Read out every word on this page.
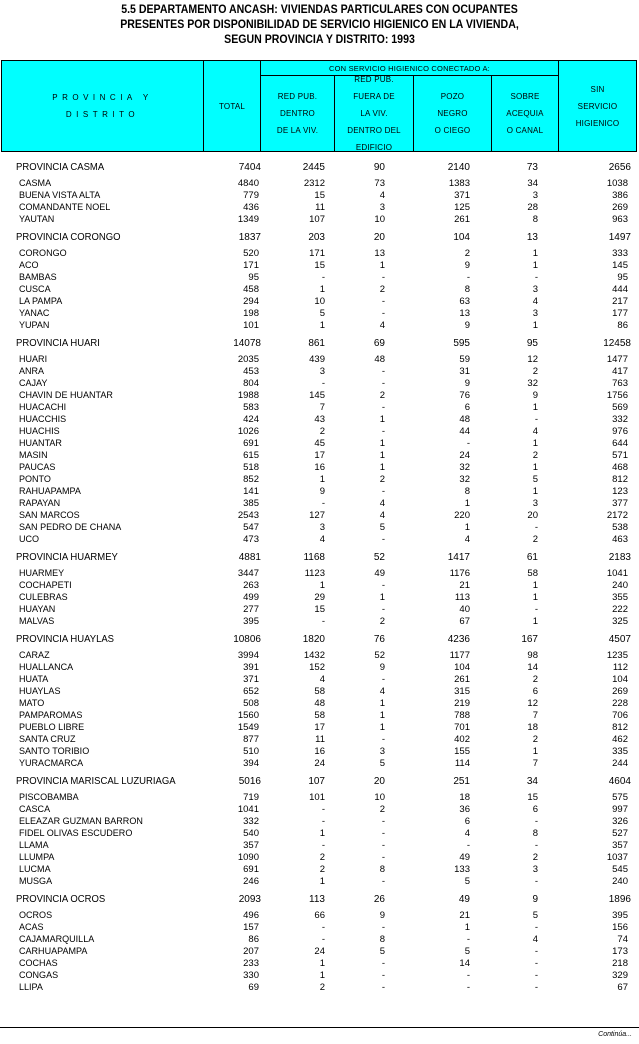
5.5 DEPARTAMENTO ANCASH: VIVIENDAS PARTICULARES CON OCUPANTES
PRESENTES POR DISPONIBILIDAD DE SERVICIO HIGIENICO EN LA VIVIENDA,
SEGUN PROVINCIA Y DISTRITO: 1993
PROVINCIA Y
DISTRITO
TOTAL
CON SERVICIO HIGIENICO CONECTADO A:
RED PUB.
DENTRO
DE LA VIV.
RED PUB.
FUERA DE
LA VIV.
DENTRO DEL
EDIFICIO
POZO
NEGRO
O CIEGO
SOBRE
ACEQUIA
O CANAL
SIN
SERVICIO
HIGIENICO
PROVINCIA CASMA	7404	2445	90	2140	73	2656
CASMA	4840	2312	73	1383	34	1038
BUENA VISTA ALTA	779	15	4	371	3	386
COMANDANTE NOEL	436	11	3	125	28	269
YAUTAN	1349	107	10	261	8	963
PROVINCIA CORONGO	1837	203	20	104	13	1497
CORONGO	520	171	13	2	1	333
ACO	171	15	1	9	1	145
BAMBAS	95	-	-	-	-	95
CUSCA	458	1	2	8	3	444
LA PAMPA	294	10	-	63	4	217
YANAC	198	5	-	13	3	177
YUPAN	101	1	4	9	1	86
PROVINCIA HUARI	14078	861	69	595	95	12458
HUARI	2035	439	48	59	12	1477
ANRA	453	3	-	31	2	417
CAJAY	804	-	-	9	32	763
CHAVIN DE HUANTAR	1988	145	2	76	9	1756
HUACACHI	583	7	-	6	1	569
HUACCHIS	424	43	1	48	-	332
HUACHIS	1026	2	-	44	4	976
HUANTAR	691	45	1	-	1	644
MASIN	615	17	1	24	2	571
PAUCAS	518	16	1	32	1	468
PONTO	852	1	2	32	5	812
RAHUAPAMPA	141	9	-	8	1	123
RAPAYAN	385	-	4	1	3	377
SAN MARCOS	2543	127	4	220	20	2172
SAN PEDRO DE CHANA	547	3	5	1	-	538
UCO	473	4	-	4	2	463
PROVINCIA HUARMEY	4881	1168	52	1417	61	2183
HUARMEY	3447	1123	49	1176	58	1041
COCHAPETI	263	1	-	21	1	240
CULEBRAS	499	29	1	113	1	355
HUAYAN	277	15	-	40	-	222
MALVAS	395	-	2	67	1	325
PROVINCIA HUAYLAS	10806	1820	76	4236	167	4507
CARAZ	3994	1432	52	1177	98	1235
HUALLANCA	391	152	9	104	14	112
HUATA	371	4	-	261	2	104
HUAYLAS	652	58	4	315	6	269
MATO	508	48	1	219	12	228
PAMPAROMAS	1560	58	1	788	7	706
PUEBLO LIBRE	1549	17	1	701	18	812
SANTA CRUZ	877	11	-	402	2	462
SANTO TORIBIO	510	16	3	155	1	335
YURACMARCA	394	24	5	114	7	244
PROVINCIA MARISCAL LUZURIAGA	5016	107	20	251	34	4604
PISCOBAMBA	719	101	10	18	15	575
CASCA	1041	-	2	36	6	997
ELEAZAR GUZMAN BARRON	332	-	-	6	-	326
FIDEL OLIVAS ESCUDERO	540	1	-	4	8	527
LLAMA	357	-	-	-	-	357
LLUMPA	1090	2	-	49	2	1037
LUCMA	691	2	8	133	3	545
MUSGA	246	1	-	5	-	240
PROVINCIA OCROS	2093	113	26	49	9	1896
OCROS	496	66	9	21	5	395
ACAS	157	-	-	1	-	156
CAJAMARQUILLA	86	-	8	-	4	74
CARHUAPAMPA	207	24	5	5	-	173
COCHAS	233	1	-	14	-	218
CONGAS	330	1	-	-	-	329
LLIPA	69	2	-	-	-	67
Continúa...
